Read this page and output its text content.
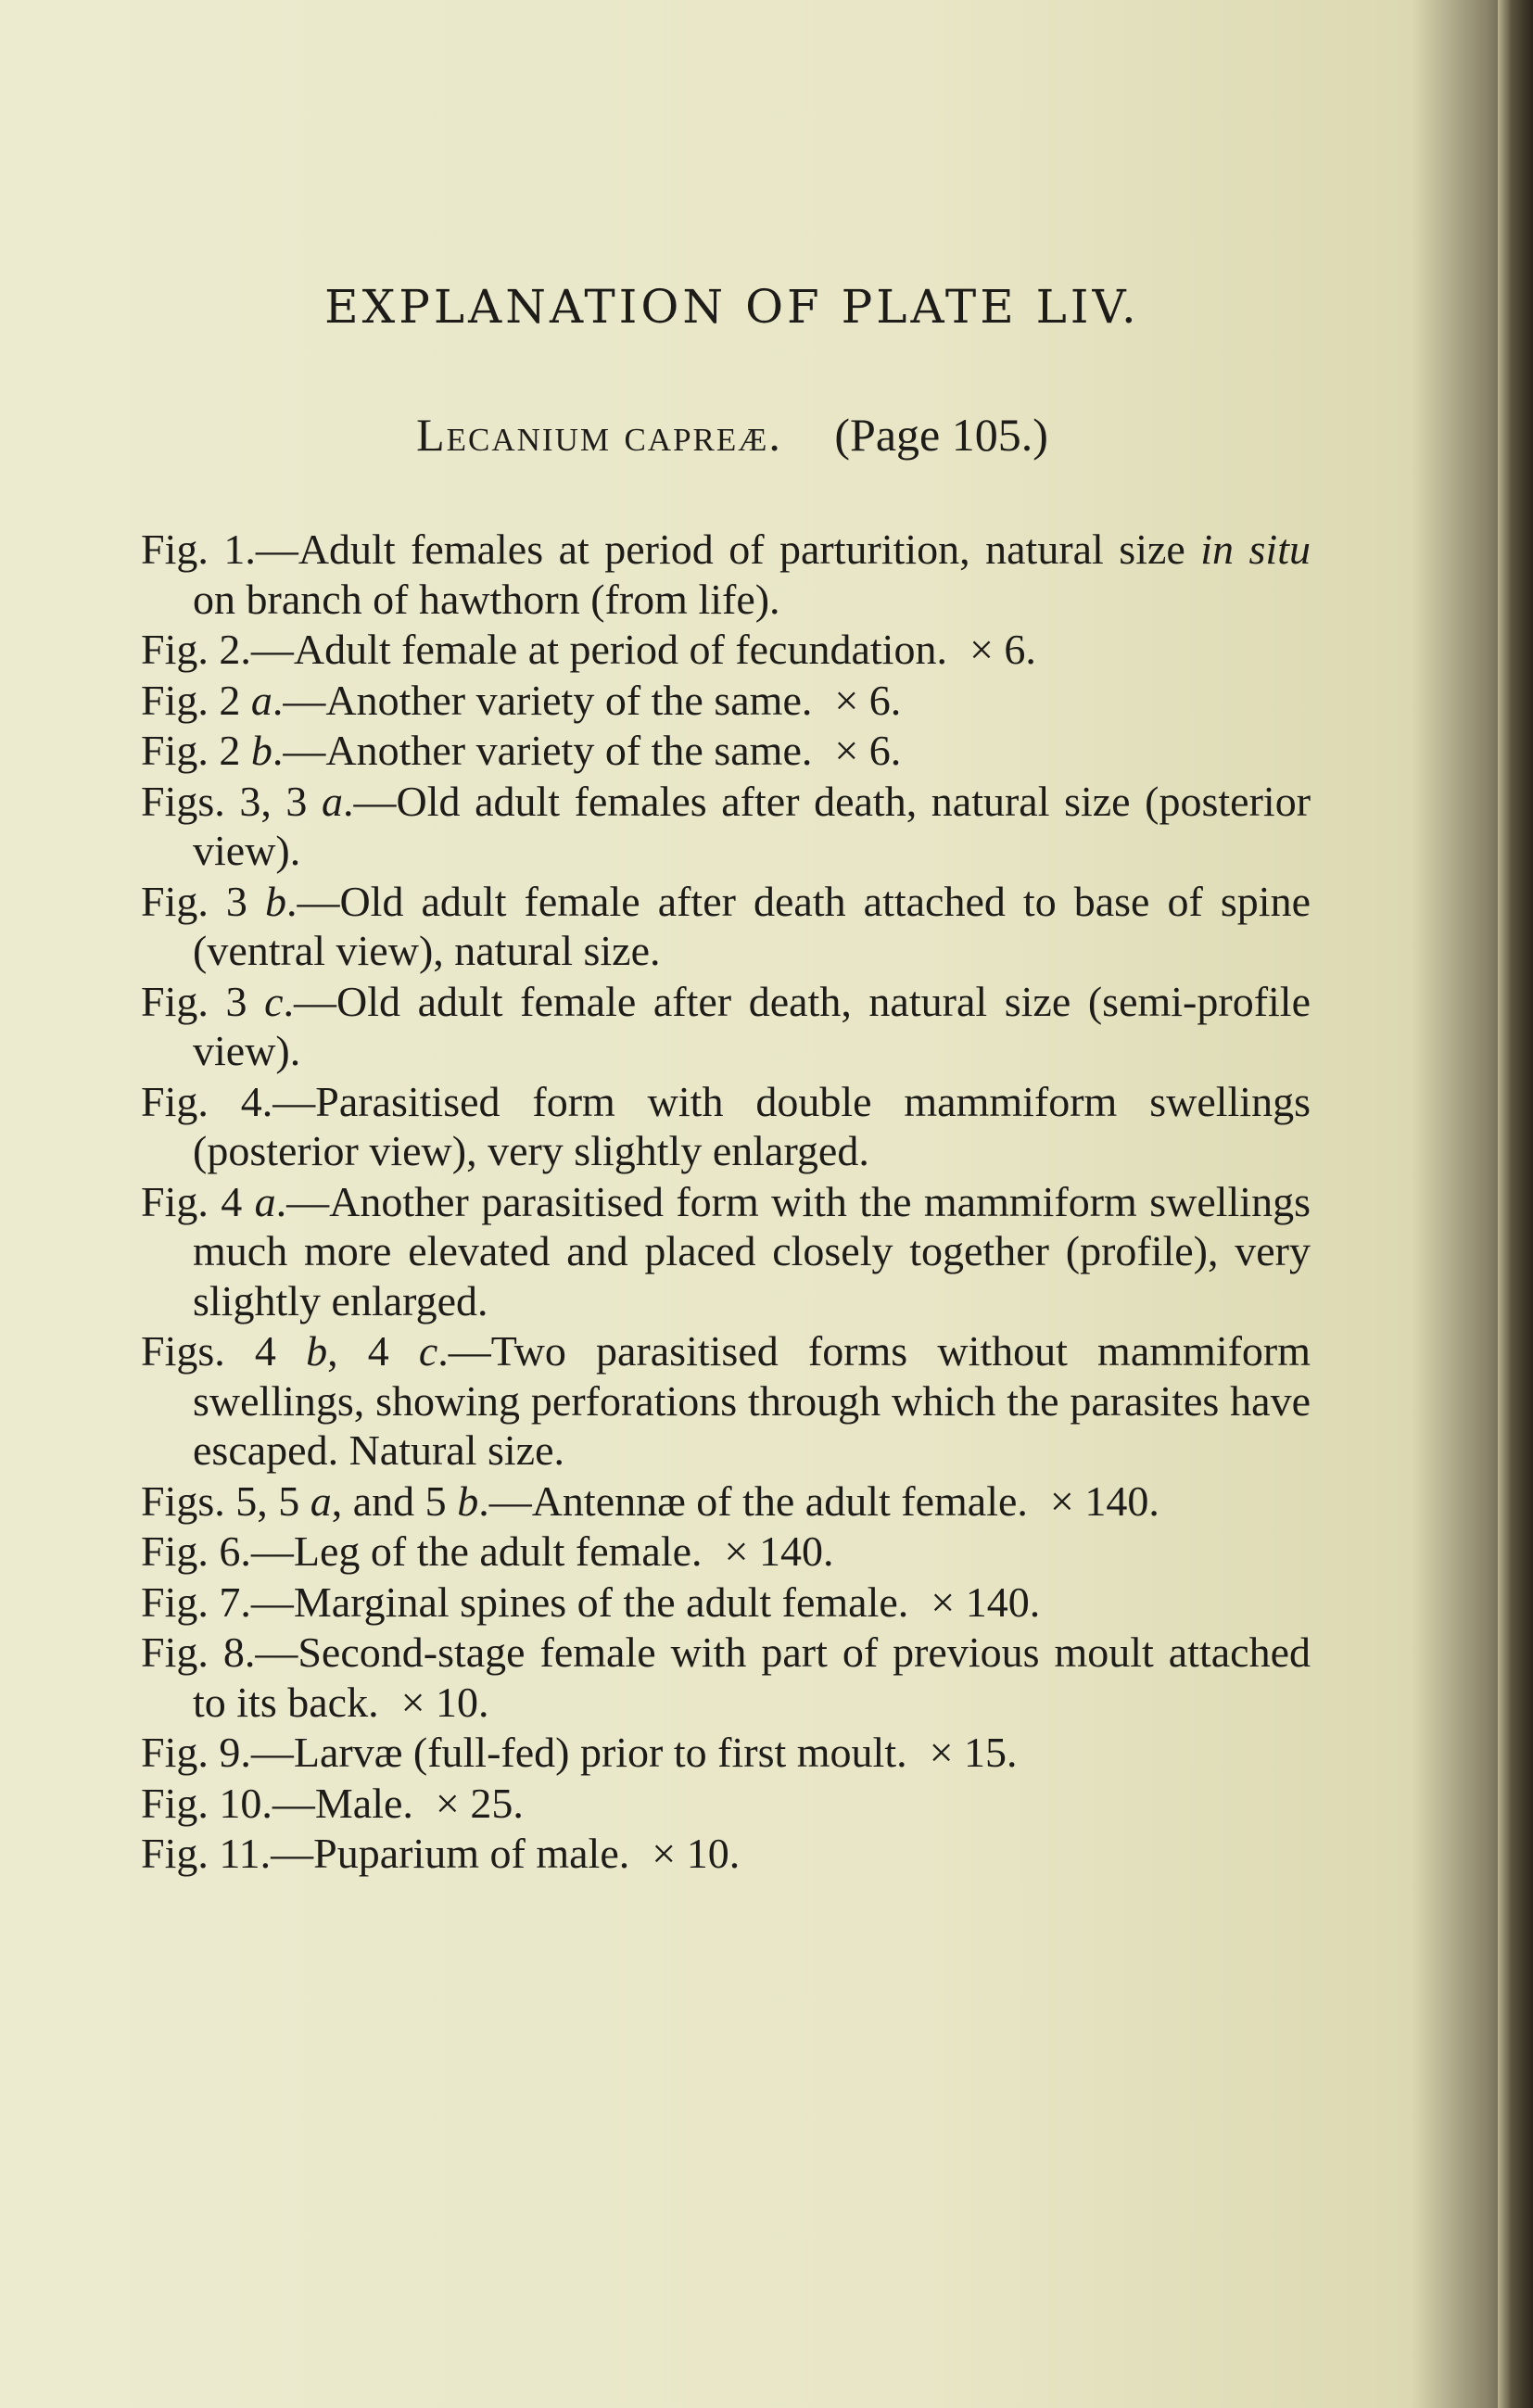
EXPLANATION OF PLATE LIV.

Lecanium capreæ. (Page 105.)

Fig. 1.—Adult females at period of parturition, natural size in situ on branch of hawthorn (from life).
Fig. 2.—Adult female at period of fecundation. × 6.
Fig. 2 a.—Another variety of the same. × 6.
Fig. 2 b.—Another variety of the same. × 6.
Figs. 3, 3 a.—Old adult females after death, natural size (posterior view).
Fig. 3 b.—Old adult female after death attached to base of spine (ventral view), natural size.
Fig. 3 c.—Old adult female after death, natural size (semi-profile view).
Fig. 4.—Parasitised form with double mammiform swellings (posterior view), very slightly enlarged.
Fig. 4 a.—Another parasitised form with the mammiform swellings much more elevated and placed closely together (profile), very slightly enlarged.
Figs. 4 b, 4 c.—Two parasitised forms without mammiform swellings, showing perforations through which the parasites have escaped. Natural size.
Figs. 5, 5 a, and 5 b.—Antennæ of the adult female. × 140.
Fig. 6.—Leg of the adult female. × 140.
Fig. 7.—Marginal spines of the adult female. × 140.
Fig. 8.—Second-stage female with part of previous moult attached to its back. × 10.
Fig. 9.—Larvæ (full-fed) prior to first moult. × 15.
Fig. 10.—Male. × 25.
Fig. 11.—Puparium of male. × 10.
